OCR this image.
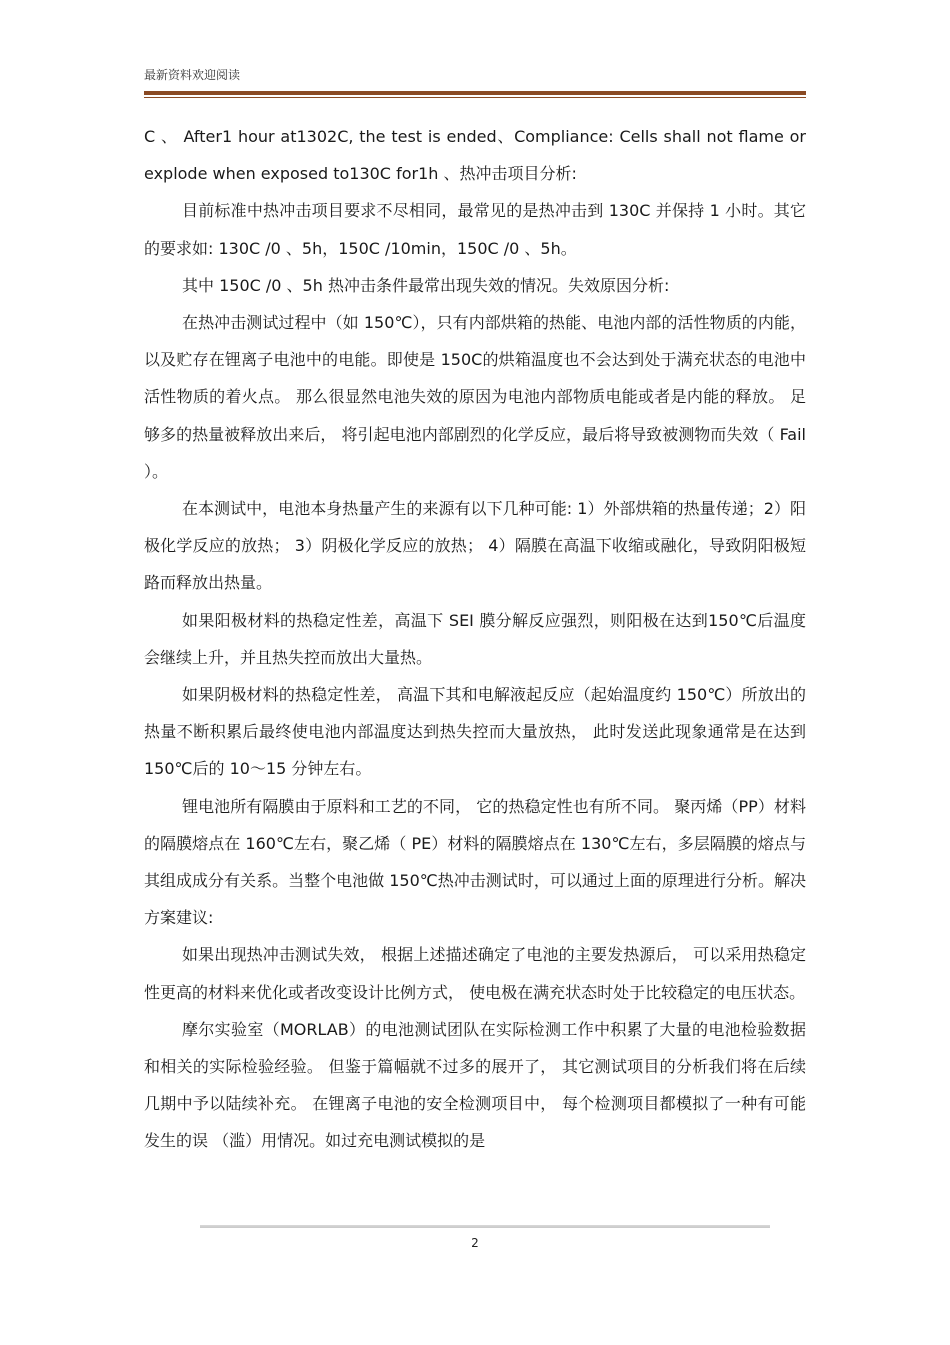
最新资料欢迎阅读

C 、 After1 hour at1302C, the test is ended、Compliance: Cells shall not flame or explode when exposed to130C for1h 、热冲击项目分析:

目前标准中热冲击项目要求不尽相同，最常见的是热冲击到 130C 并保持 1 小时。其它的要求如: 130C /0 、5h，150C /10min，150C /0 、5h。

其中 150C /0 、5h 热冲击条件最常出现失效的情况。失效原因分析:

在热冲击测试过程中（如 150℃），只有内部烘箱的热能、电池内部的活性物质的内能，以及贮存在锂离子电池中的电能。即使是 150C的烘箱温度也不会达到处于满充状态的电池中活性物质的着火点。 那么很显然电池失效的原因为电池内部物质电能或者是内能的释放。 足够多的热量被释放出来后， 将引起电池内部剧烈的化学反应，最后将导致被测物而失效（ Fail ）。

在本测试中，电池本身热量产生的来源有以下几种可能: 1）外部烘箱的热量传递；2）阳极化学反应的放热； 3）阴极化学反应的放热； 4）隔膜在高温下收缩或融化，导致阴阳极短路而释放出热量。

如果阳极材料的热稳定性差，高温下 SEI 膜分解反应强烈，则阳极在达到150℃后温度会继续上升，并且热失控而放出大量热。

如果阴极材料的热稳定性差， 高温下其和电解液起反应（起始温度约 150℃）所放出的热量不断积累后最终使电池内部温度达到热失控而大量放热， 此时发送此现象通常是在达到 150℃后的 10～15 分钟左右。

锂电池所有隔膜由于原料和工艺的不同， 它的热稳定性也有所不同。 聚丙烯（PP）材料的隔膜熔点在 160℃左右，聚乙烯（ PE）材料的隔膜熔点在 130℃左右，多层隔膜的熔点与其组成成分有关系。当整个电池做 150℃热冲击测试时，可以通过上面的原理进行分析。解决方案建议:

如果出现热冲击测试失效， 根据上述描述确定了电池的主要发热源后， 可以采用热稳定性更高的材料来优化或者改变设计比例方式， 使电极在满充状态时处于比较稳定的电压状态。

摩尔实验室（MORLAB）的电池测试团队在实际检测工作中积累了大量的电池检验数据和相关的实际检验经验。 但鉴于篇幅就不过多的展开了， 其它测试项目的分析我们将在后续几期中予以陆续补充。 在锂离子电池的安全检测项目中， 每个检测项目都模拟了一种有可能发生的误 （滥）用情况。如过充电测试模拟的是

2
